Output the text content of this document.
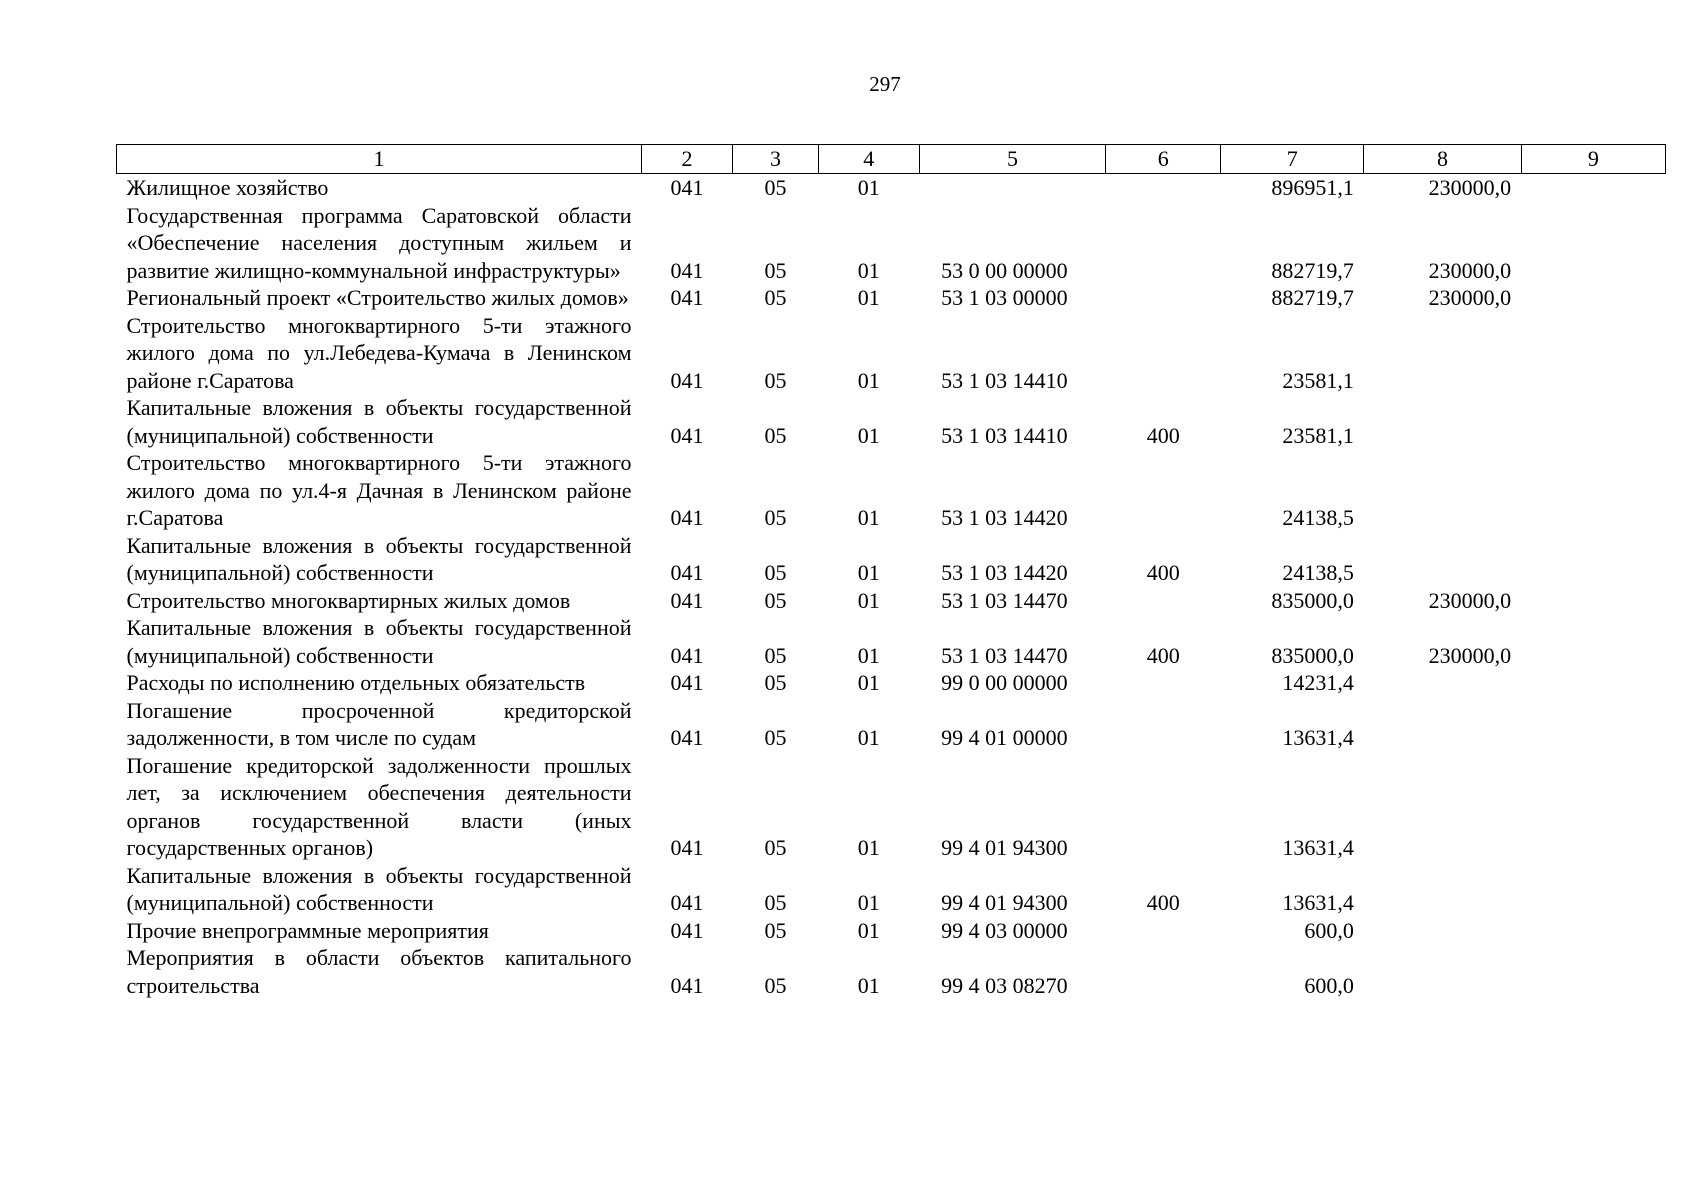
297
1	2	3	4	5	6	7	8	9
Жилищное хозяйство	041	05	01			896951,1	230000,0	
Государственная программа Саратовской области «Обеспечение населения доступным жильем и развитие жилищно-коммунальной инфраструктуры»	041	05	01	53 0 00 00000		882719,7	230000,0	
Региональный проект «Строительство жилых домов»	041	05	01	53 1 03 00000		882719,7	230000,0	
Строительство многоквартирного 5-ти этажного жилого дома по ул.Лебедева-Кумача в Ленинском районе г.Саратова	041	05	01	53 1 03 14410		23581,1		
Капитальные вложения в объекты государственной (муниципальной) собственности	041	05	01	53 1 03 14410	400	23581,1		
Строительство многоквартирного 5-ти этажного жилого дома по ул.4-я Дачная в Ленинском районе г.Саратова	041	05	01	53 1 03 14420		24138,5		
Капитальные вложения в объекты государственной (муниципальной) собственности	041	05	01	53 1 03 14420	400	24138,5		
Строительство многоквартирных жилых домов	041	05	01	53 1 03 14470		835000,0	230000,0	
Капитальные вложения в объекты государственной (муниципальной) собственности	041	05	01	53 1 03 14470	400	835000,0	230000,0	
Расходы по исполнению отдельных обязательств	041	05	01	99 0 00 00000		14231,4		
Погашение просроченной кредиторской задолженности, в том числе по судам	041	05	01	99 4 01 00000		13631,4		
Погашение кредиторской задолженности прошлых лет, за исключением обеспечения деятельности органов государственной власти (иных государственных органов)	041	05	01	99 4 01 94300		13631,4		
Капитальные вложения в объекты государственной (муниципальной) собственности	041	05	01	99 4 01 94300	400	13631,4		
Прочие внепрограммные мероприятия	041	05	01	99 4 03 00000		600,0		
Мероприятия в области объектов капитального строительства	041	05	01	99 4 03 08270		600,0		
